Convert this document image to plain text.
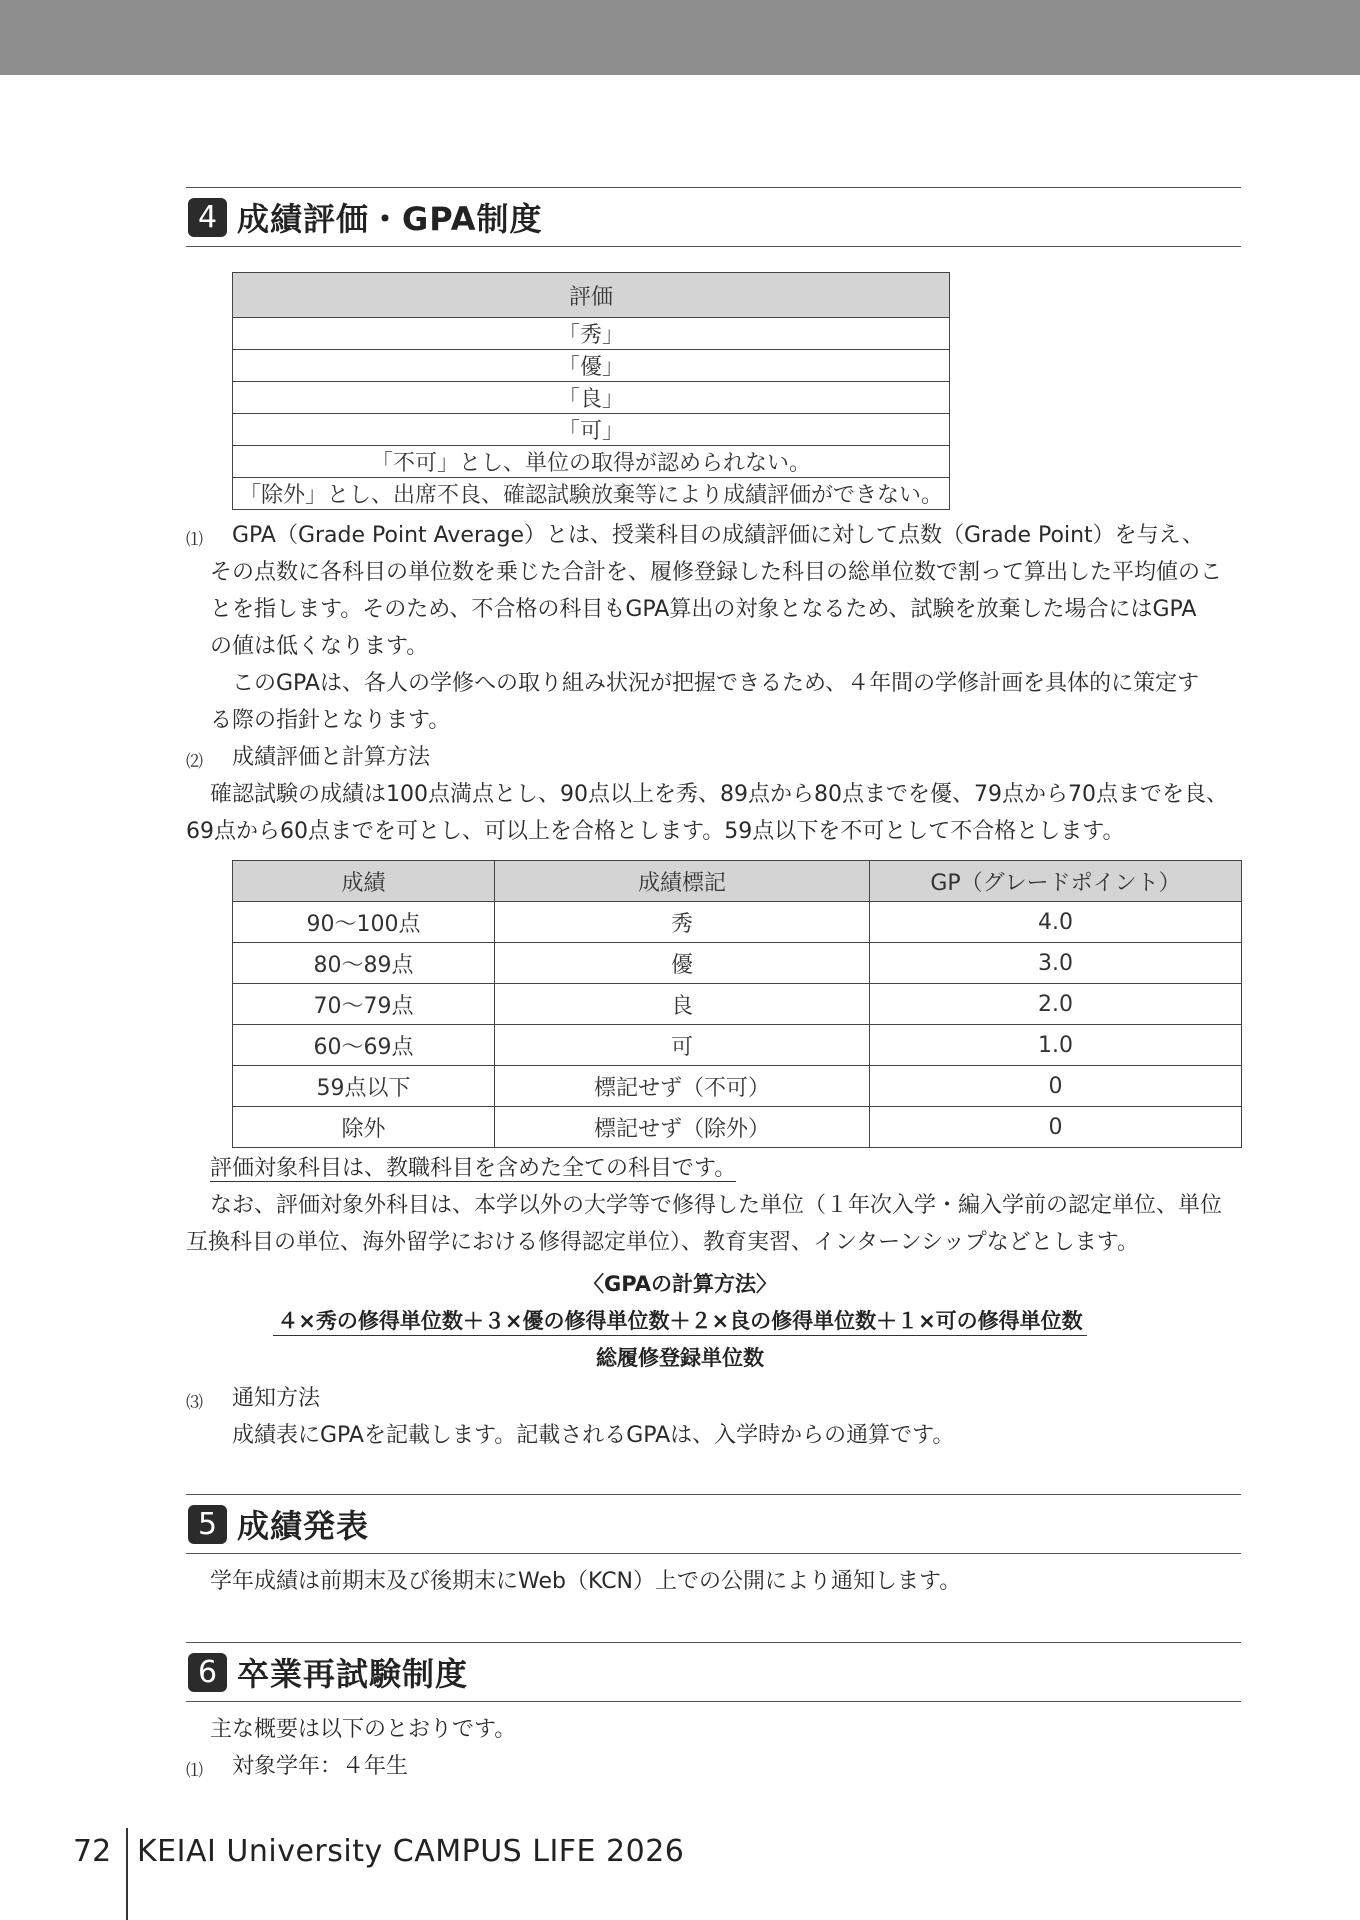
4 成績評価・GPA制度
評価
「秀」
「優」
「良」
「可」
「不可」とし、単位の取得が認められない。
「除外」とし、出席不良、確認試験放棄等により成績評価ができない。
⑴ GPA（Grade Point Average）とは、授業科目の成績評価に対して点数（Grade Point）を与え、
その点数に各科目の単位数を乗じた合計を、履修登録した科目の総単位数で割って算出した平均値のこ
とを指します。そのため、不合格の科目もGPA算出の対象となるため、試験を放棄した場合にはGPA
の値は低くなります。
このGPAは、各人の学修への取り組み状況が把握できるため、４年間の学修計画を具体的に策定す
る際の指針となります。
⑵ 成績評価と計算方法
確認試験の成績は100点満点とし、90点以上を秀、89点から80点までを優、79点から70点までを良、
69点から60点までを可とし、可以上を合格とします。59点以下を不可として不合格とします。
成績	成績標記	GP（グレードポイント）
90～100点	秀	4.0
80～89点	優	3.0
70～79点	良	2.0
60～69点	可	1.0
59点以下	標記せず（不可）	0
除外	標記せず（除外）	0
評価対象科目は、教職科目を含めた全ての科目です。
なお、評価対象外科目は、本学以外の大学等で修得した単位（１年次入学・編入学前の認定単位、単位
互換科目の単位、海外留学における修得認定単位）、教育実習、インターンシップなどとします。
〈GPAの計算方法〉
４×秀の修得単位数＋３×優の修得単位数＋２×良の修得単位数＋１×可の修得単位数
総履修登録単位数
⑶ 通知方法
成績表にGPAを記載します。記載されるGPAは、入学時からの通算です。
5 成績発表
学年成績は前期末及び後期末にWeb（KCN）上での公開により通知します。
6 卒業再試験制度
主な概要は以下のとおりです。
⑴ 対象学年：４年生
72 KEIAI University CAMPUS LIFE 2026
